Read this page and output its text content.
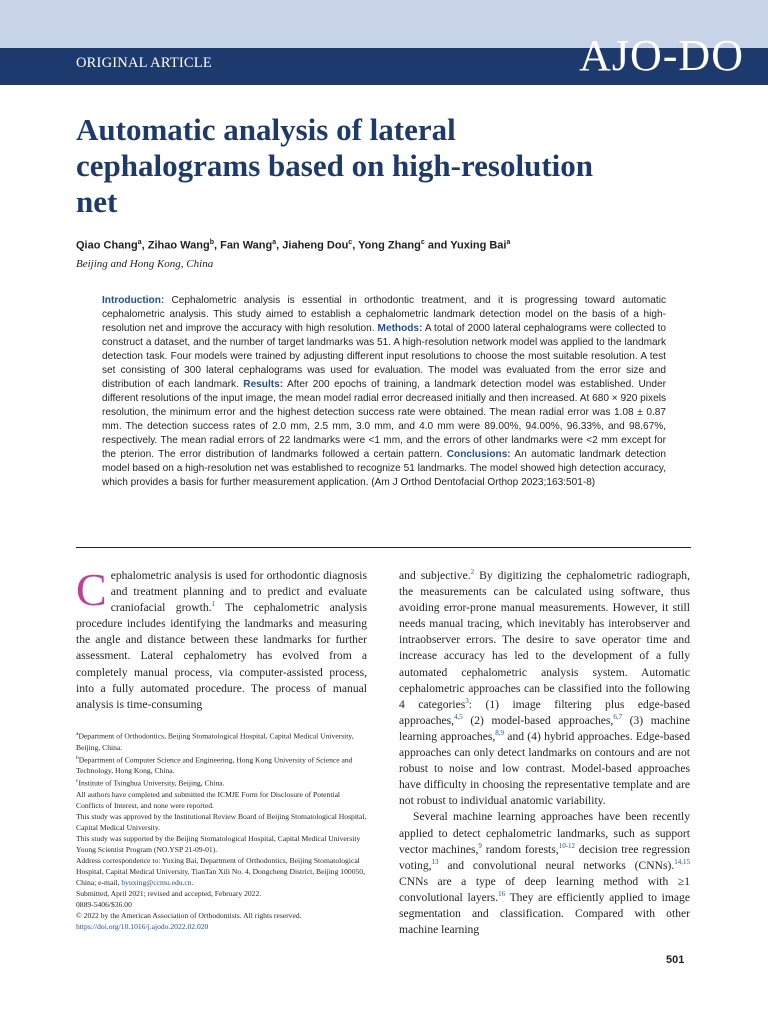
ORIGINAL ARTICLE	AJO-DO
Automatic analysis of lateral cephalograms based on high-resolution net
Qiao Chang$^a$, Zihao Wang$^b$, Fan Wang$^a$, Jiaheng Dou$^c$, Yong Zhang$^c$ and Yuxing Bai$^a$
Beijing and Hong Kong, China
Introduction: Cephalometric analysis is essential in orthodontic treatment, and it is progressing toward automatic cephalometric analysis. This study aimed to establish a cephalometric landmark detection model on the basis of a high-resolution net and improve the accuracy with high resolution. Methods: A total of 2000 lateral cephalograms were collected to construct a dataset, and the number of target landmarks was 51. A high-resolution network model was applied to the landmark detection task. Four models were trained by adjusting different input resolutions to choose the most suitable resolution. A test set consisting of 300 lateral cephalograms was used for evaluation. The model was evaluated from the error size and distribution of each landmark. Results: After 200 epochs of training, a landmark detection model was established. Under different resolutions of the input image, the mean model radial error decreased initially and then increased. At 680 × 920 pixels resolution, the minimum error and the highest detection success rate were obtained. The mean radial error was 1.08 ± 0.87 mm. The detection success rates of 2.0 mm, 2.5 mm, 3.0 mm, and 4.0 mm were 89.00%, 94.00%, 96.33%, and 98.67%, respectively. The mean radial errors of 22 landmarks were <1 mm, and the errors of other landmarks were <2 mm except for the pterion. The error distribution of landmarks followed a certain pattern. Conclusions: An automatic landmark detection model based on a high-resolution net was established to recognize 51 landmarks. The model showed high detection accuracy, which provides a basis for further measurement application. (Am J Orthod Dentofacial Orthop 2023;163:501-8)

Cephalometric analysis is used for orthodontic diagnosis and treatment planning and to predict and evaluate craniofacial growth.$^1$ The cephalometric analysis procedure includes identifying the landmarks and measuring the angle and distance between these landmarks for further assessment. Lateral cephalometry has evolved from a completely manual process, via computer-assisted process, into a fully automated procedure. The process of manual analysis is time-consuming

$^a$Department of Orthodontics, Beijing Stomatological Hospital, Capital Medical University, Beijing, China.

$^b$Department of Computer Science and Engineering, Hong Kong University of Science and Technology, Hong Kong, China.

$^c$Institute of Tsinghua University, Beijing, China.

All authors have completed and submitted the ICMJE Form for Disclosure of Potential Conflicts of Interest, and none were reported.

This study was approved by the Institutional Review Board of Beijing Stomatological Hospital, Capital Medical University.

This study was supported by the Beijing Stomatological Hospital, Capital Medical University Young Scientist Program (NO.YSP 21-09-01).

Address correspondence to: Yuxing Bai, Department of Orthodontics, Beijing Stomatological Hospital, Capital Medical University, TianTan Xili No. 4, Dongcheng District, Beijing 100050, China; e-mail, byuxing@ccmu.edu.cn.

Submitted, April 2021; revised and accepted, February 2022.

0889-5406/$36.00

© 2022 by the American Association of Orthodontists. All rights reserved.

https://doi.org/10.1016/j.ajodo.2022.02.020

and subjective.$^2$ By digitizing the cephalometric radiograph, the measurements can be calculated using software, thus avoiding error-prone manual measurements. However, it still needs manual tracing, which inevitably has interobserver and intraobserver errors. The desire to save operator time and increase accuracy has led to the development of a fully automated cephalometric analysis system. Automatic cephalometric approaches can be classified into the following 4 categories$^3$: (1) image filtering plus edge-based approaches,$^{4,5}$ (2) model-based approaches,$^{6,7}$ (3) machine learning approaches,$^{8,9}$ and (4) hybrid approaches. Edge-based approaches can only detect landmarks on contours and are not robust to noise and low contrast. Model-based approaches have difficulty in choosing the representative template and are not robust to individual anatomic variability.

Several machine learning approaches have been recently applied to detect cephalometric landmarks, such as support vector machines,$^9$ random forests,$^{10-12}$ decision tree regression voting,$^{13}$ and convolutional neural networks (CNNs).$^{14,15}$ CNNs are a type of deep learning method with ≥1 convolutional layers.$^{16}$ They are efficiently applied to image segmentation and classification. Compared with other machine learning

501
